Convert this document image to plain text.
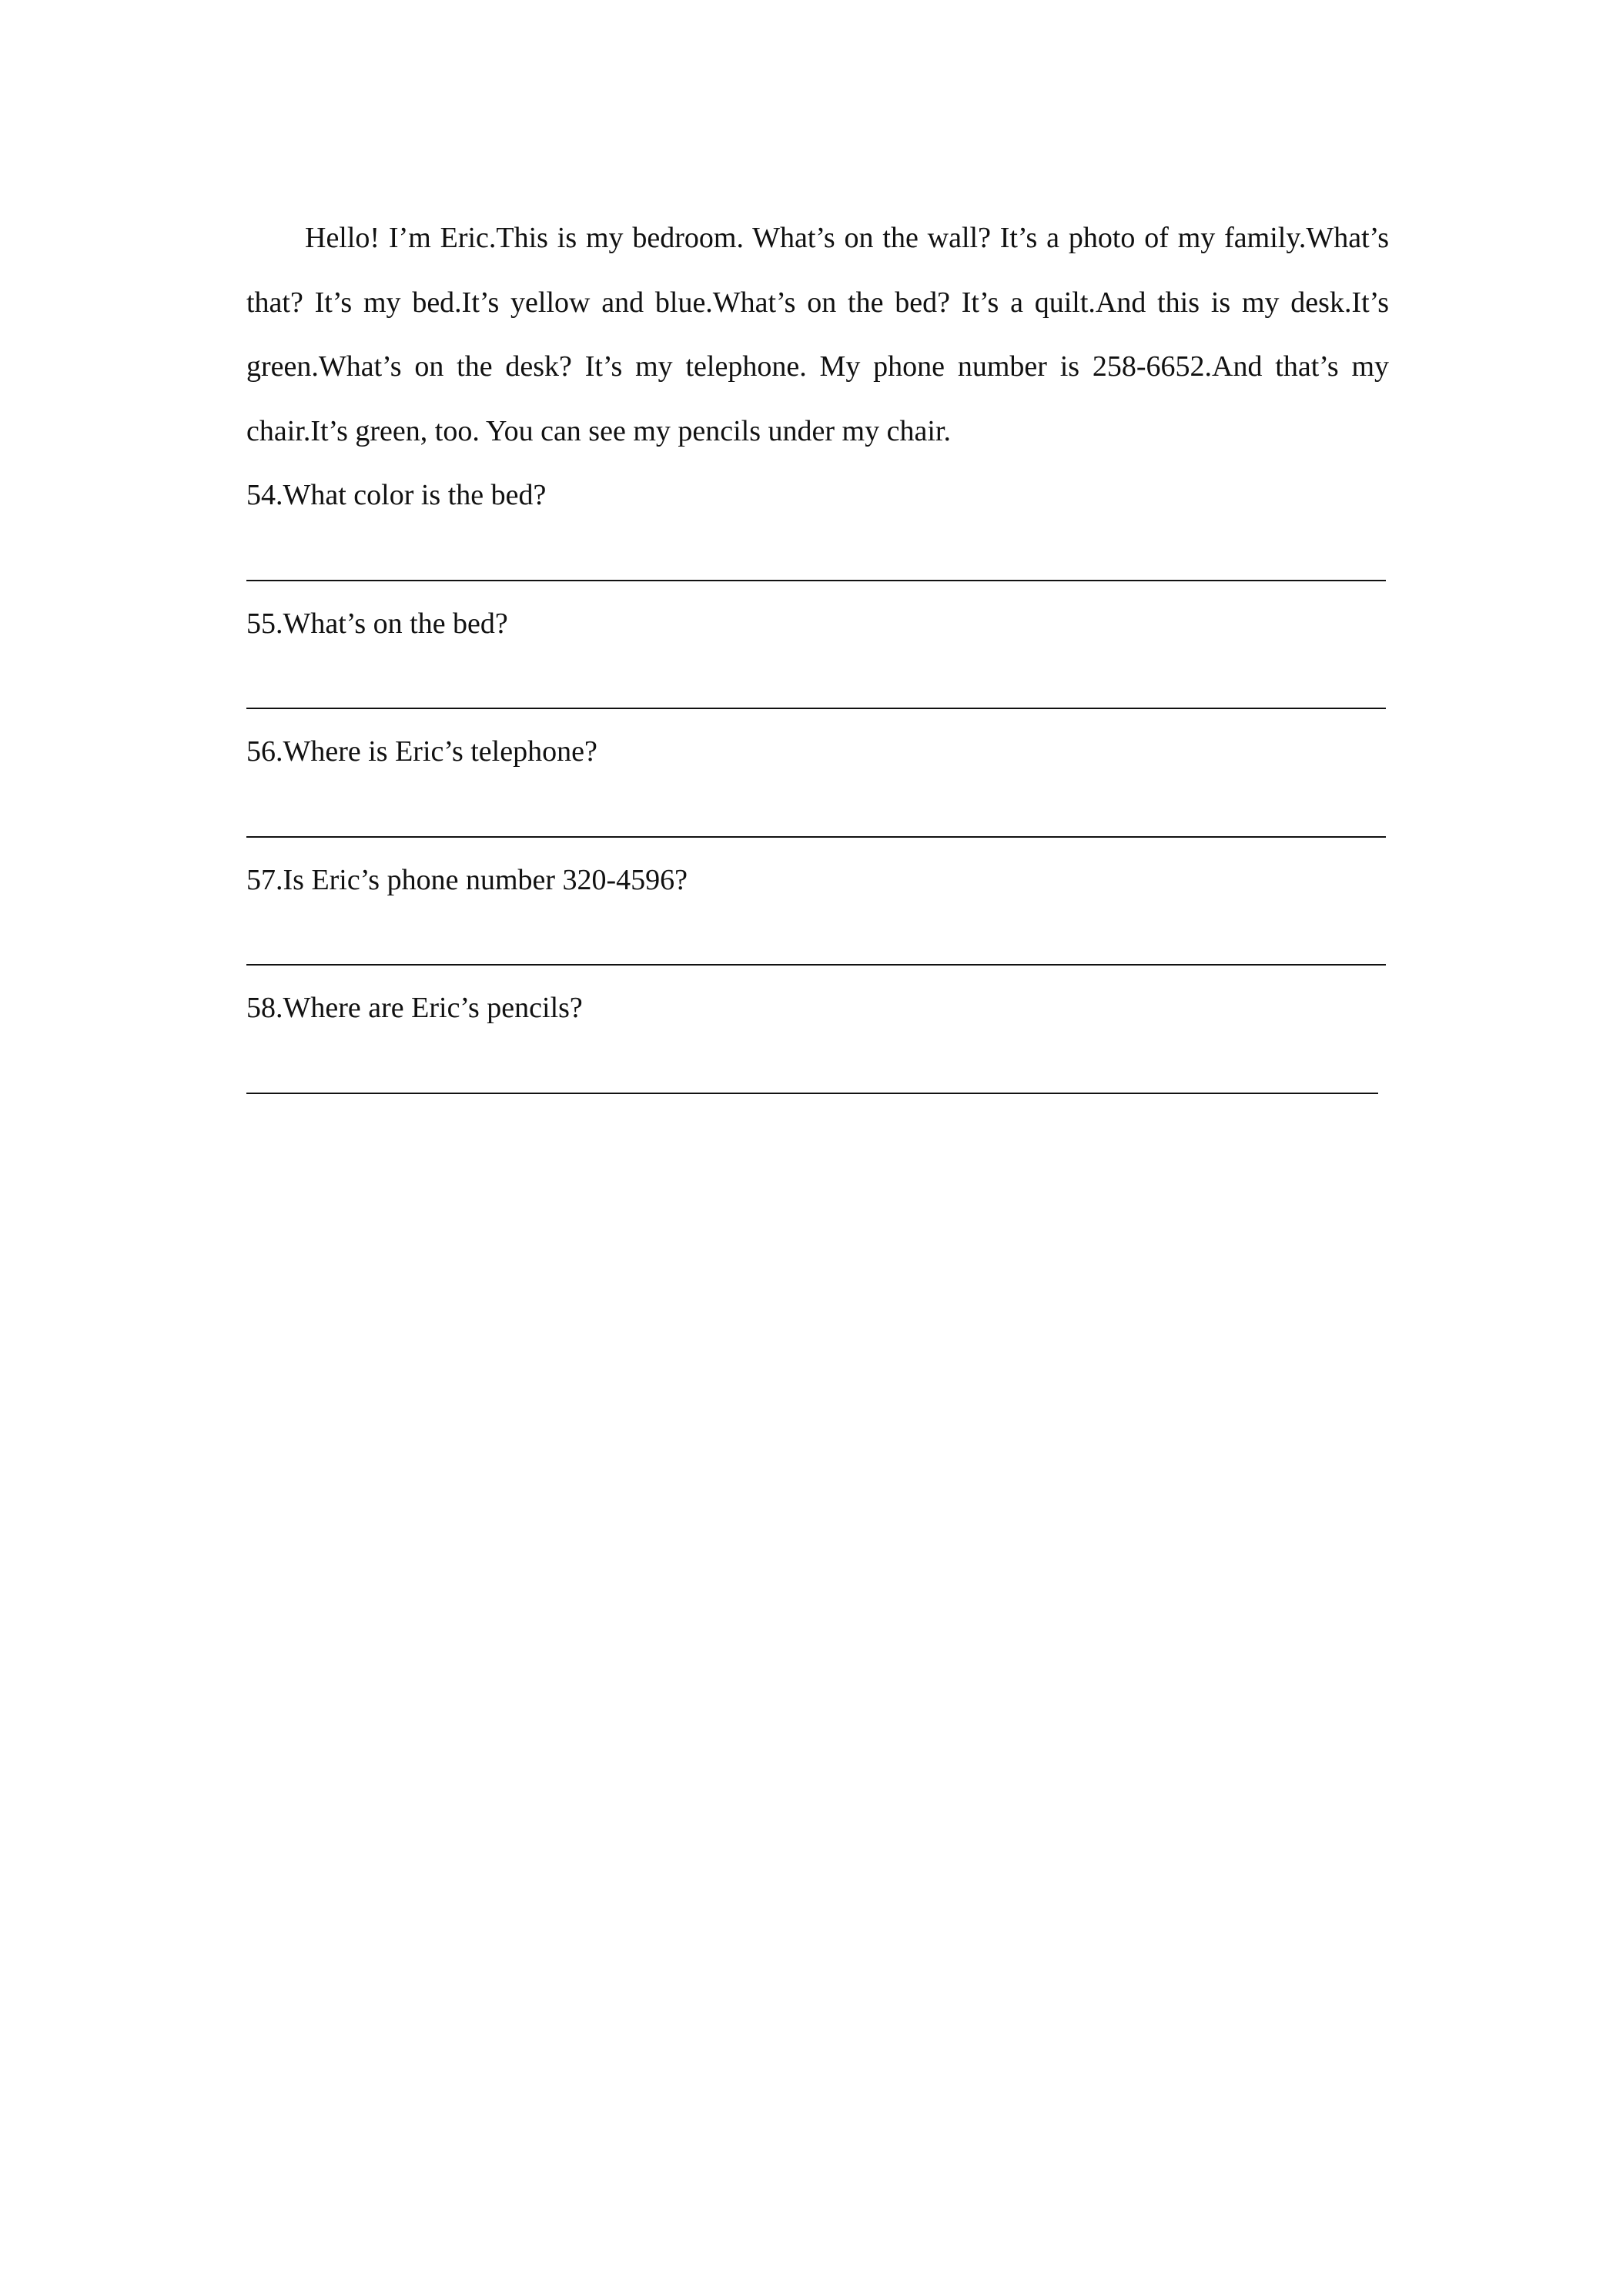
Hello! I’m Eric.This is my bedroom. What’s on the wall? It’s a photo of my family.What’s that? It’s my bed.It’s yellow and blue.What’s on the bed? It’s a quilt.And this is my desk.It’s green.What’s on the desk? It’s my telephone. My phone number is 258-6652.And that’s my chair.It’s green, too. You can see my pencils under my chair.

54.What color is the bed?

55.What’s on the bed?

56.Where is Eric’s telephone?

57.Is Eric’s phone number 320-4596?

58.Where are Eric’s pencils?
